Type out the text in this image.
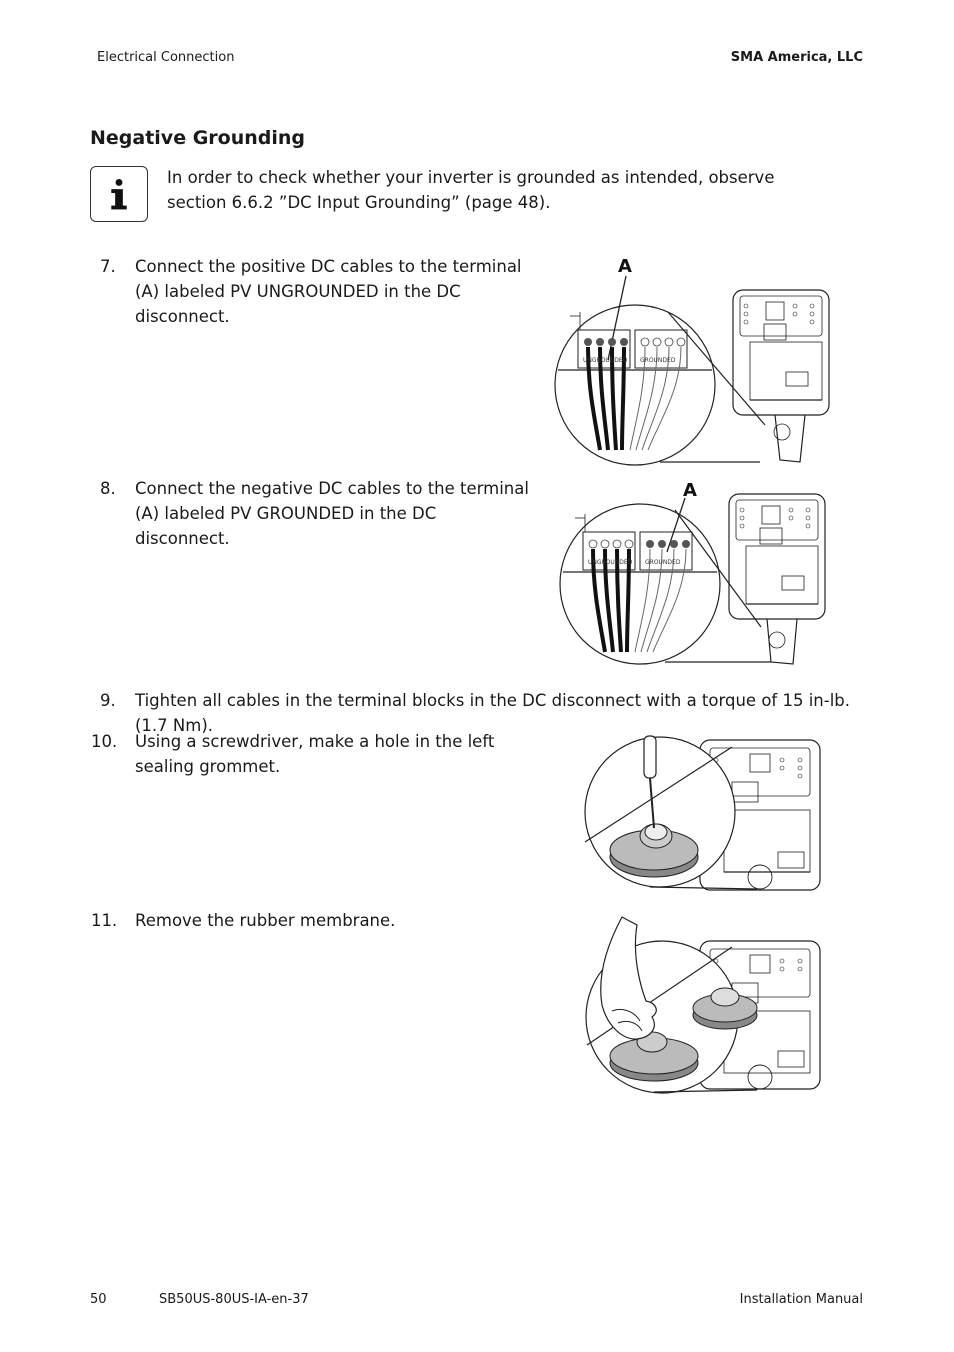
Electrical Connection	SMA America, LLC
Negative Grounding
In order to check whether your inverter is grounded as intended, observe section 6.6.2 ”DC Input Grounding” (page 48).
7. Connect the positive DC cables to the terminal (A) labeled PV UNGROUNDED in the DC disconnect.
UNGROUNDED GROUNDED
A
8. Connect the negative DC cables to the terminal (A) labeled PV GROUNDED in the DC disconnect.
UNGROUNDED GROUNDED
A
9. Tighten all cables in the terminal blocks in the DC disconnect with a torque of 15 in-lb. (1.7 Nm).
10. Using a screwdriver, make a hole in the left sealing grommet.
11. Remove the rubber membrane.
50	SB50US-80US-IA-en-37	Installation Manual
